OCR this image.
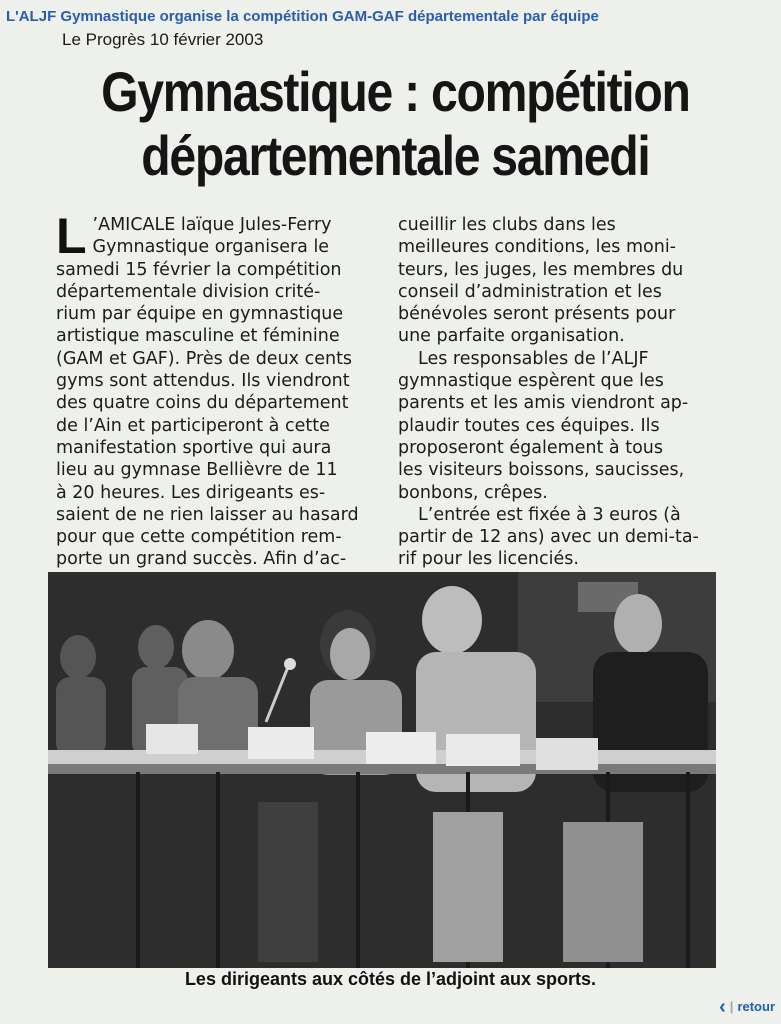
L'ALJF Gymnastique organise la compétition GAM-GAF départementale par équipe
Le Progrès 10 février 2003
Gymnastique : compétition
départementale samedi
L ’AMICALE laïque Jules-Ferry
Gymnastique organisera le
samedi 15 février la compétition
départementale division crité-
rium par équipe en gymnastique
artistique masculine et féminine
(GAM et GAF). Près de deux cents
gyms sont attendus. Ils viendront
des quatre coins du département
de l’Ain et participeront à cette
manifestation sportive qui aura
lieu au gymnase Bellièvre de 11
à 20 heures. Les dirigeants es-
saient de ne rien laisser au hasard
pour que cette compétition rem-
porte un grand succès. Afin d’ac-
cueillir les clubs dans les
meilleures conditions, les moni-
teurs, les juges, les membres du
conseil d’administration et les
bénévoles seront présents pour
une parfaite organisation.
Les responsables de l’ALJF
gymnastique espèrent que les
parents et les amis viendront ap-
plaudir toutes ces équipes. Ils
proposeront également à tous
les visiteurs boissons, saucisses,
bonbons, crêpes.
L’entrée est fixée à 3 euros (à
partir de 12 ans) avec un demi-ta-
rif pour les licenciés.
Les dirigeants aux côtés de l’adjoint aux sports.
‹ | retour
